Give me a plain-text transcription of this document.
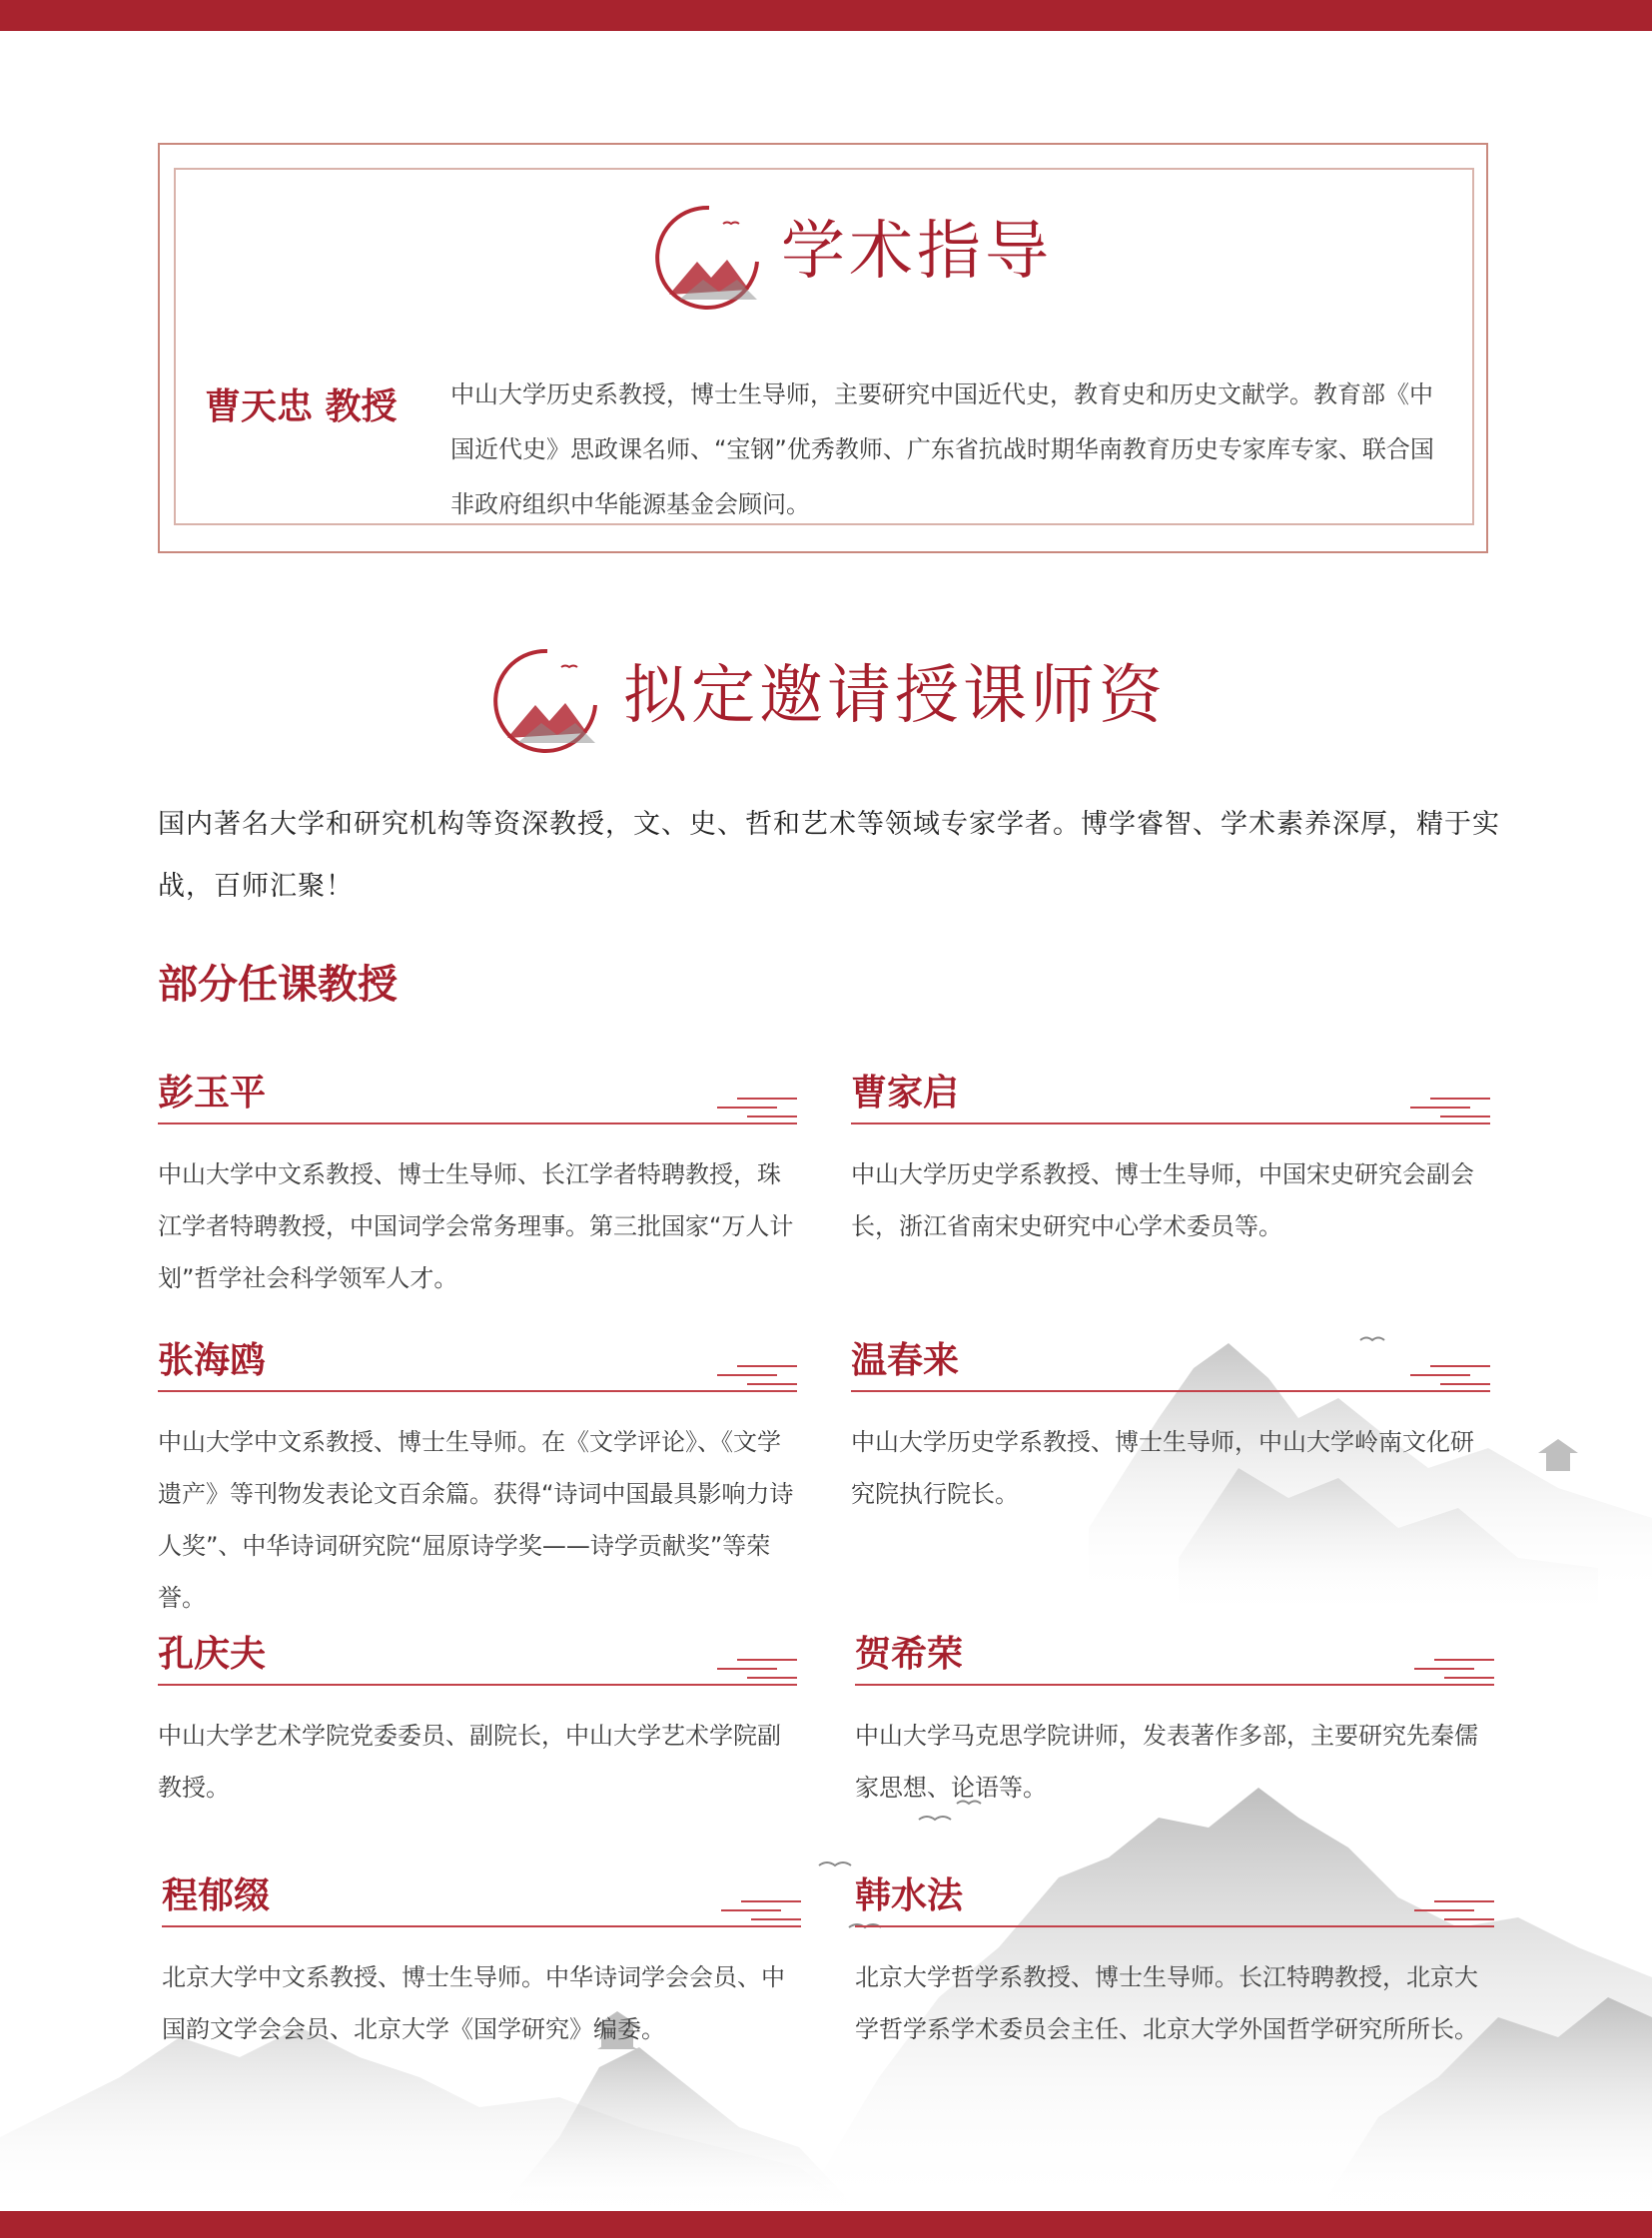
学术指导
曹天忠 教授 中山大学历史系教授，博士生导师，主要研究中国近代史，教育史和历史文献学。教育部《中国近代史》思政课名师、“宝钢”优秀教师、广东省抗战时期华南教育历史专家库专家、联合国非政府组织中华能源基金会顾问。
拟定邀请授课师资
国内著名大学和研究机构等资深教授，文、史、哲和艺术等领域专家学者。博学睿智、学术素养深厚，精于实战，百师汇聚！
部分任课教授
彭玉平
中山大学中文系教授、博士生导师、长江学者特聘教授，珠江学者特聘教授，中国词学会常务理事。第三批国家“万人计划”哲学社会科学领军人才。
曹家启
中山大学历史学系教授、博士生导师，中国宋史研究会副会长，浙江省南宋史研究中心学术委员等。
张海鸥
中山大学中文系教授、博士生导师。在《文学评论》、《文学遗产》等刊物发表论文百余篇。获得“诗词中国最具影响力诗人奖”、中华诗词研究院“屈原诗学奖——诗学贡献奖”等荣誉。
温春来
中山大学历史学系教授、博士生导师，中山大学岭南文化研究院执行院长。
孔庆夫
中山大学艺术学院党委委员、副院长，中山大学艺术学院副教授。
贺希荣
中山大学马克思学院讲师，发表著作多部，主要研究先秦儒家思想、论语等。
程郁缀
北京大学中文系教授、博士生导师。中华诗词学会会员、中国韵文学会会员、北京大学《国学研究》编委。
韩水法
北京大学哲学系教授、博士生导师。长江特聘教授，北京大学哲学系学术委员会主任、北京大学外国哲学研究所所长。
